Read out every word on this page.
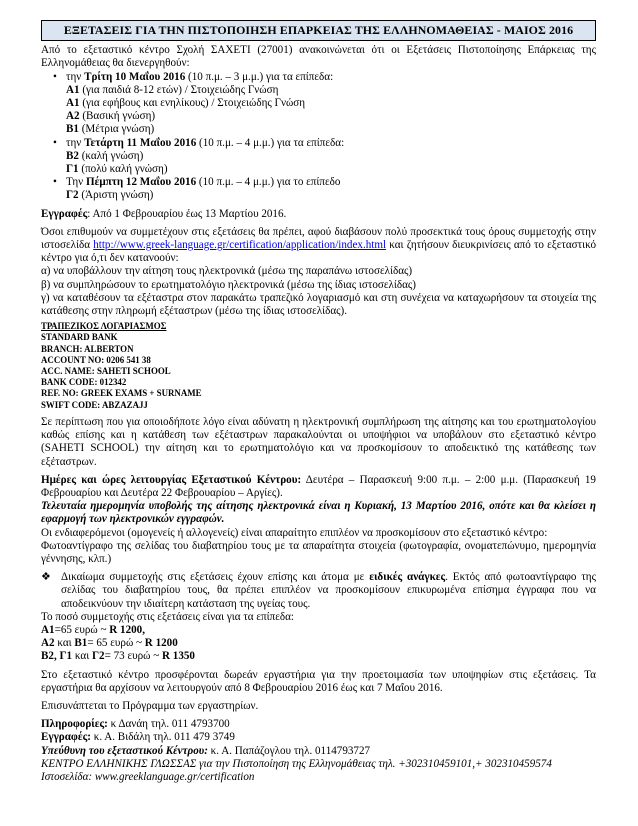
ΕΞΕΤΑΣΕΙΣ ΓΙΑ ΤΗΝ ΠΙΣΤΟΠΟΙΗΣΗ ΕΠΑΡΚΕΙΑΣ ΤΗΣ ΕΛΛΗΝΟΜΑΘΕΙΑΣ - ΜΑΙΟΣ 2016

Από το εξεταστικό κέντρο Σχολή ΣΑΧΕΤΙ (27001) ανακοινώνεται ότι οι Εξετάσεις Πιστοποίησης Επάρκειας της Ελληνομάθειας θα διενεργηθούν:

• την Τρίτη 10 Μαΐου 2016 (10 π.μ. – 3 μ.μ.) για τα επίπεδα:
Α1 (για παιδιά 8-12 ετών) / Στοιχειώδης Γνώση
Α1 (για εφήβους και ενηλίκους) / Στοιχειώδης Γνώση
Α2 (Βασική γνώση)
Β1 (Μέτρια γνώση)
• την Τετάρτη 11 Μαΐου 2016 (10 π.μ. – 4 μ.μ.) για τα επίπεδα:
Β2 (καλή γνώση)
Γ1 (πολύ καλή γνώση)
• Την Πέμπτη 12 Μαΐου 2016 (10 π.μ. – 4 μ.μ.) για το επίπεδο
Γ2 (Άριστη γνώση)

Εγγραφές: Από 1 Φεβρουαρίου έως 13 Μαρτίου 2016.

Όσοι επιθυμούν να συμμετέχουν στις εξετάσεις θα πρέπει, αφού διαβάσουν πολύ προσεκτικά τους όρους συμμετοχής στην ιστοσελίδα http://www.greek-language.gr/certification/application/index.html και ζητήσουν διευκρινίσεις από το εξεταστικό κέντρο για ό,τι δεν κατανοούν:

α) να υποβάλλουν την αίτηση τους ηλεκτρονικά (μέσω της παραπάνω ιστοσελίδας)

β) να συμπληρώσουν το ερωτηματολόγιο ηλεκτρονικά (μέσω της ίδιας ιστοσελίδας)

γ) να καταθέσουν τα εξέταστρα στον παρακάτω τραπεζικό λογαριασμό και στη συνέχεια να καταχωρήσουν τα στοιχεία της κατάθεσης στην πληρωμή εξέταστρων (μέσω της ίδιας ιστοσελίδας).

ΤΡΑΠΕΖΙΚΟΣ ΛΟΓΑΡΙΑΣΜΟΣ
STANDARD BANK
BRANCH: ALBERTON
ACCOUNT NO: 0206 541 38
ACC. NAME: SAHETI SCHOOL
BANK CODE: 012342
REF. NO: GREEK EXAMS + SURNAME
SWIFT CODE: ABZAZAJJ

Σε περίπτωση που για οποιοδήποτε λόγο είναι αδύνατη η ηλεκτρονική συμπλήρωση της αίτησης και του ερωτηματολογίου καθώς επίσης και η κατάθεση των εξέταστρων παρακαλούνται οι υποψήφιοι να υποβάλουν στο εξεταστικό κέντρο (SAHETI SCHOOL) την αίτηση και το ερωτηματολόγιο και να προσκομίσουν το αποδεικτικό της κατάθεσης των εξέταστρων.

Ημέρες και ώρες λειτουργίας Εξεταστικού Κέντρου: Δευτέρα – Παρασκευή 9:00 π.μ. – 2:00 μ.μ. (Παρασκευή 19 Φεβρουαρίου και Δευτέρα 22 Φεβρουαρίου – Αργίες).

Τελευταία ημερομηνία υποβολής της αίτησης ηλεκτρονικά είναι η Κυριακή, 13 Μαρτίου 2016, οπότε και θα κλείσει η εφαρμογή των ηλεκτρονικών εγγραφών.

Οι ενδιαφερόμενοι (ομογενείς ή αλλογενείς) είναι απαραίτητο επιπλέον να προσκομίσουν στο εξεταστικό κέντρο:

Φωτοαντίγραφο της σελίδας του διαβατηρίου τους με τα απαραίτητα στοιχεία (φωτογραφία, ονοματεπώνυμο, ημερομηνία γέννησης, κλπ.)

❖ Δικαίωμα συμμετοχής στις εξετάσεις έχουν επίσης και άτομα με ειδικές ανάγκες. Εκτός από φωτοαντίγραφο της σελίδας του διαβατηρίου τους, θα πρέπει επιπλέον να προσκομίσουν επικυρωμένα επίσημα έγγραφα που να αποδεικνύουν την ιδιαίτερη κατάσταση της υγείας τους.

Το ποσό συμμετοχής στις εξετάσεις είναι για τα επίπεδα:

Α1=65 ευρώ ~ R 1200,

Α2 και Β1= 65 ευρώ ~ R 1200

Β2, Γ1 και Γ2= 73 ευρώ ~ R 1350

Στο εξεταστικό κέντρο προσφέρονται δωρεάν εργαστήρια για την προετοιμασία των υποψηφίων στις εξετάσεις. Τα εργαστήρια θα αρχίσουν να λειτουργούν από 8 Φεβρουαρίου 2016 έως και 7 Μαΐου 2016.

Επισυνάπτεται το Πρόγραμμα των εργαστηρίων.

Πληροφορίες: κ Δανάη τηλ. 011 4793700

Εγγραφές: κ. Α. Βιδάλη τηλ. 011 479 3749

Υπεύθυνη του εξεταστικού Κέντρου: κ. Α. Παπάζογλου τηλ. 0114793727

ΚΕΝΤΡΟ ΕΛΛΗΝΙΚΗΣ ΓΛΩΣΣΑΣ για την Πιστοποίηση της Ελληνομάθειας τηλ. +302310459101,+ 302310459574

Ιστοσελίδα: www.greeklanguage.gr/certification
